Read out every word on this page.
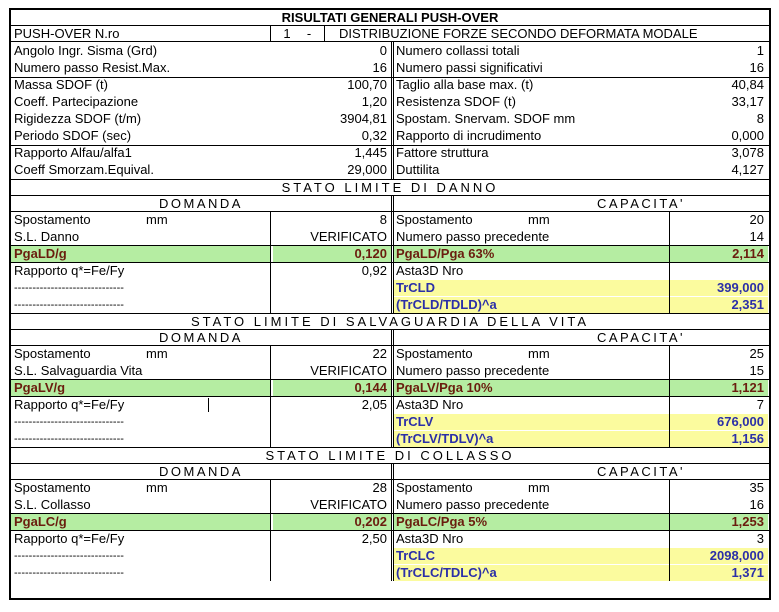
RISULTATI GENERALI PUSH-OVER
PUSH-OVER N.ro	1	-	DISTRIBUZIONE FORZE SECONDO DEFORMATA MODALE
Angolo Ingr. Sisma (Grd)	0 Numero collassi totali	1
Numero passo Resist.Max.	16 Numero passi significativi	16
Massa SDOF (t)	100,70 Taglio alla base max. (t)	40,84
Coeff. Partecipazione	1,20 Resistenza SDOF (t)	33,17
Rigidezza SDOF (t/m)	3904,81 Spostam. Snervam. SDOF mm	8
Periodo SDOF (sec)	0,32 Rapporto di incrudimento	0,000
Rapporto Alfau/alfa1	1,445 Fattore struttura	3,078
Coeff Smorzam.Equival.	29,000 Duttilita	4,127
STATO LIMITE DI DANNO
DOMANDA	CAPACITA'
Spostamento	mm	8 Spostamento	mm	20
S.L. Danno	VERIFICATO Numero passo precedente	14
PgaLD/g	0,120 PgaLD/Pga 63%	2,114
Rapporto q*=Fe/Fy	0,92 Asta3D Nro
------------------------------	TrCLD	399,000
------------------------------	(TrCLD/TDLD)^a	2,351
STATO LIMITE DI SALVAGUARDIA DELLA VITA
DOMANDA	CAPACITA'
Spostamento	mm	22 Spostamento	mm	25
S.L. Salvaguardia Vita	VERIFICATO Numero passo precedente	15
PgaLV/g	0,144 PgaLV/Pga 10%	1,121
Rapporto q*=Fe/Fy	2,05 Asta3D Nro	7
------------------------------	TrCLV	676,000
------------------------------	(TrCLV/TDLV)^a	1,156
STATO LIMITE DI COLLASSO
DOMANDA	CAPACITA'
Spostamento	mm	28 Spostamento	mm	35
S.L. Collasso	VERIFICATO Numero passo precedente	16
PgaLC/g	0,202 PgaLC/Pga 5%	1,253
Rapporto q*=Fe/Fy	2,50 Asta3D Nro	3
------------------------------	TrCLC	2098,000
------------------------------	(TrCLC/TDLC)^a	1,371
